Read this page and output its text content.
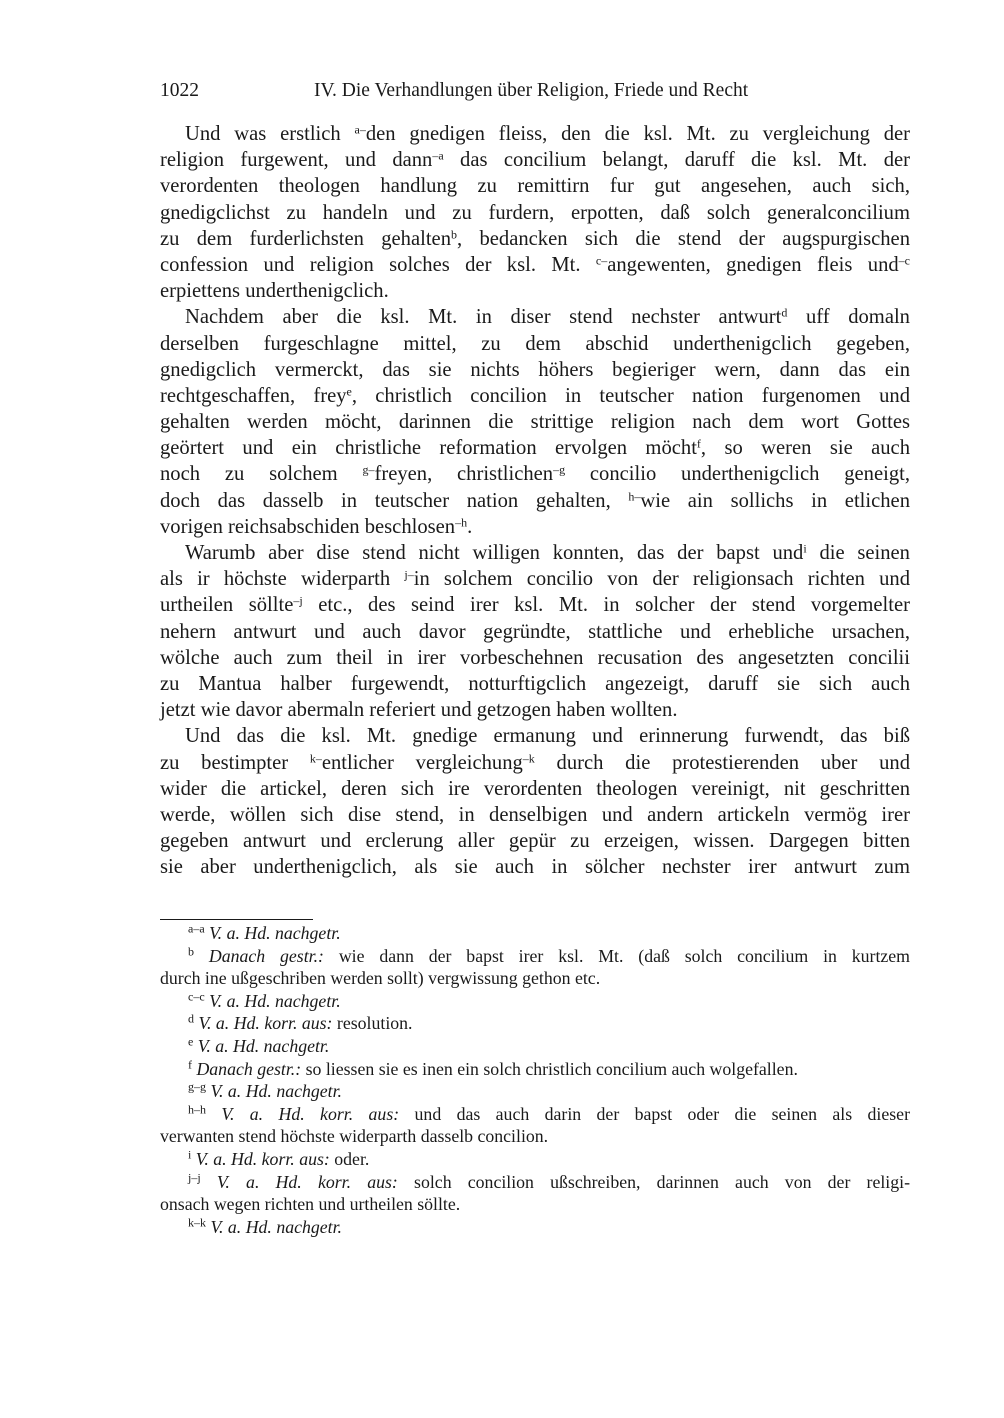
1022	IV. Die Verhandlungen über Religion, Friede und Recht
Und was erstlich $^{a-}$den gnedigen fleiss, den die ksl. Mt. zu vergleichung der
religion furgewent, und dann$^{-a}$ das concilium belangt, daruff die ksl. Mt. der
verordenten theologen handlung zu remittirn fur gut angesehen, auch sich,
gnedigclichst zu handeln und zu furdern, erpotten, daß solch generalconcilium
zu dem furderlichsten gehalten$^b$, bedancken sich die stend der augspurgischen
confession und religion solches der ksl. Mt. $^{c-}$angewenten, gnedigen fleis und$^{-c}$
erpiettens underthenigclich.
Nachdem aber die ksl. Mt. in diser stend nechster antwurt$^d$ uff domaln
derselben furgeschlagne mittel, zu dem abschid underthenigclich gegeben,
gnedigclich vermerckt, das sie nichts höhers begieriger wern, dann das ein
rechtgeschaffen, frey$^e$, christlich concilion in teutscher nation furgenomen und
gehalten werden möcht, darinnen die strittige religion nach dem wort Gottes
geörtert und ein christliche reformation ervolgen möcht$^f$, so weren sie auch
noch zu solchem $^{g-}$freyen, christlichen$^{-g}$ concilio underthenigclich geneigt,
doch das dasselb in teutscher nation gehalten, $^{h-}$wie ain sollichs in etlichen
vorigen reichsabschiden beschlosen$^{-h}$.
Warumb aber dise stend nicht willigen konnten, das der bapst und$^i$ die seinen
als ir höchste widerparth $^{j-}$in solchem concilio von der religionsach richten und
urtheilen söllte$^{-j}$ etc., des seind irer ksl. Mt. in solcher der stend vorgemelter
nehern antwurt und auch davor gegründte, stattliche und erhebliche ursachen,
wölche auch zum theil in irer vorbeschehnen recusation des angesetzten concilii
zu Mantua halber furgewendt, notturftigclich angezeigt, daruff sie sich auch
jetzt wie davor abermaln referiert und getzogen haben wollten.
Und das die ksl. Mt. gnedige ermanung und erinnerung furwendt, das biß
zu bestimpter $^{k-}$entlicher vergleichung$^{-k}$ durch die protestierenden uber und
wider die artickel, deren sich ire verordenten theologen vereinigt, nit geschritten
werde, wöllen sich dise stend, in denselbigen und andern artickeln vermög irer
gegeben antwurt und erclerung aller gepür zu erzeigen, wissen. Dargegen bitten
sie aber underthenigclich, als sie auch in sölcher nechster irer antwurt zum
$^{a-a}$ V. a. Hd. nachgetr.
$^b$ Danach gestr.: wie dann der bapst irer ksl. Mt. (daß solch concilium in kurtzem
durch ine ußgeschriben werden sollt) vergwissung gethon etc.
$^{c-c}$ V. a. Hd. nachgetr.
$^d$ V. a. Hd. korr. aus: resolution.
$^e$ V. a. Hd. nachgetr.
$^f$ Danach gestr.: so liessen sie es inen ein solch christlich concilium auch wolgefallen.
$^{g-g}$ V. a. Hd. nachgetr.
$^{h-h}$ V. a. Hd. korr. aus: und das auch darin der bapst oder die seinen als dieser
verwanten stend höchste widerparth dasselb concilion.
$^i$ V. a. Hd. korr. aus: oder.
$^{j-j}$ V. a. Hd. korr. aus: solch concilion ußschreiben, darinnen auch von der religi-
onsach wegen richten und urtheilen söllte.
$^{k-k}$ V. a. Hd. nachgetr.
